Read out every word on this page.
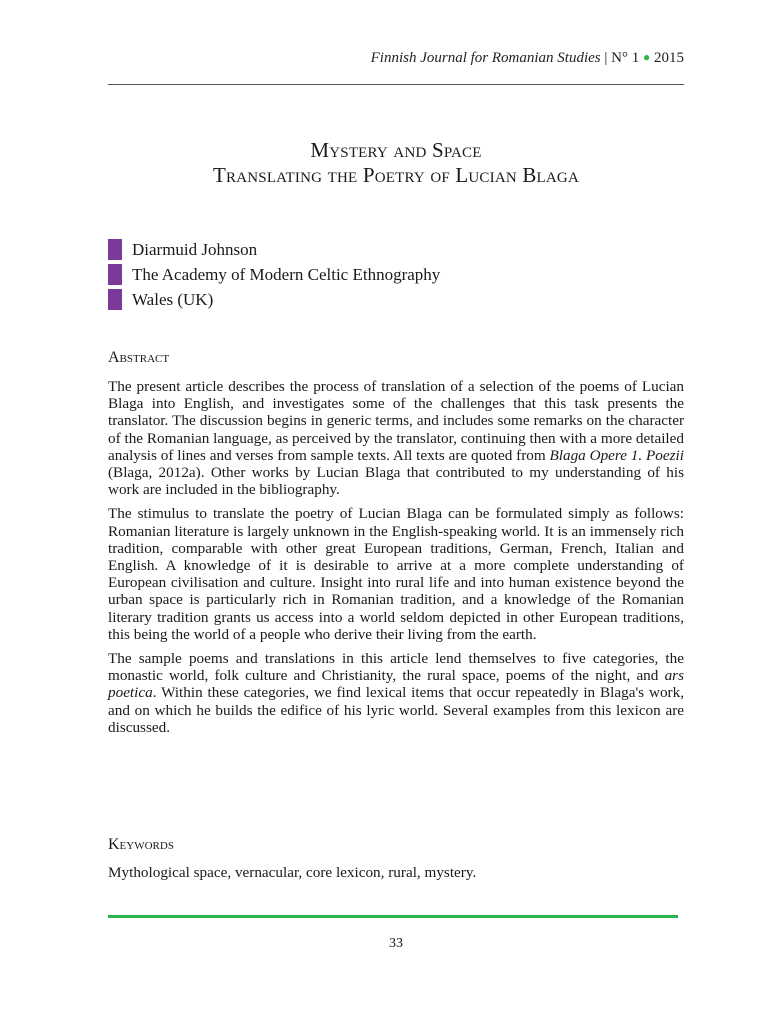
Finnish Journal for Romanian Studies | N° 1 ● 2015
Mystery and Space
Translating the Poetry of Lucian Blaga
Diarmuid Johnson
The Academy of Modern Celtic Ethnography
Wales (UK)
Abstract

The present article describes the process of translation of a selection of the poems of Lucian Blaga into English, and investigates some of the challenges that this task presents the translator. The discussion begins in generic terms, and includes some remarks on the character of the Romanian language, as perceived by the translator, continuing then with a more detailed analysis of lines and verses from sample texts. All texts are quoted from Blaga Opere 1. Poezii (Blaga, 2012a). Other works by Lucian Blaga that contributed to my understanding of his work are included in the bibliography.

The stimulus to translate the poetry of Lucian Blaga can be formulated simply as follows: Romanian literature is largely unknown in the English-speaking world. It is an immensely rich tradition, comparable with other great European traditions, German, French, Italian and English. A knowledge of it is desirable to arrive at a more complete understanding of European civilisation and culture. Insight into rural life and into human existence beyond the urban space is particularly rich in Romanian tradition, and a knowledge of the Romanian literary tradition grants us access into a world seldom depicted in other European traditions, this being the world of a people who derive their living from the earth.

The sample poems and translations in this article lend themselves to five categories, the monastic world, folk culture and Christianity, the rural space, poems of the night, and ars poetica. Within these categories, we find lexical items that occur repeatedly in Blaga's work, and on which he builds the edifice of his lyric world. Several examples from this lexicon are discussed.

Keywords
Mythological space, vernacular, core lexicon, rural, mystery.
33
